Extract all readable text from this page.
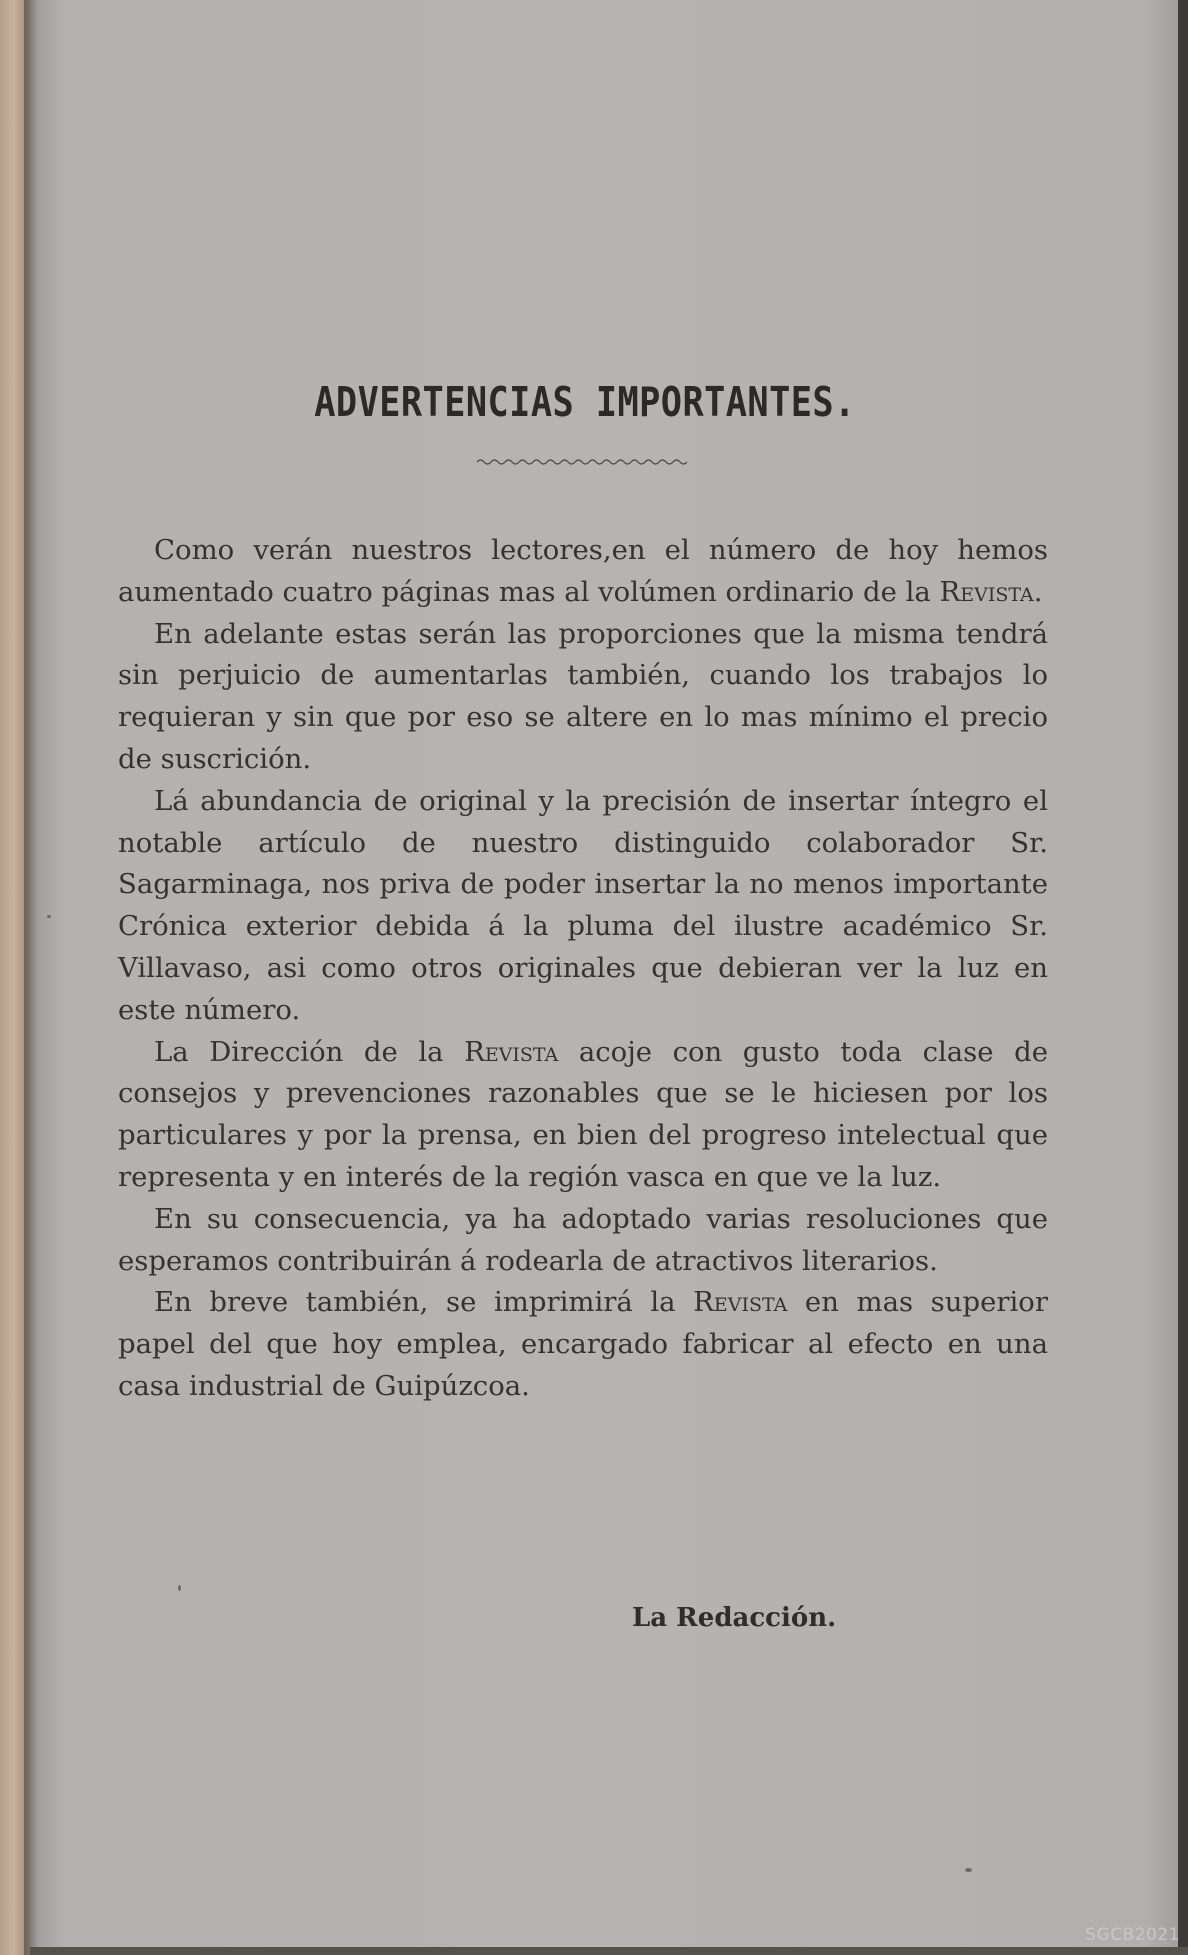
ADVERTENCIAS IMPORTANTES.

Como verán nuestros lectores,en el número de hoy hemos aumentado cuatro páginas mas al volúmen ordinario de la Revista.

En adelante estas serán las proporciones que la misma tendrá sin perjuicio de aumentarlas también, cuando los trabajos lo requieran y sin que por eso se altere en lo mas mínimo el precio de suscrición.

Lá abundancia de original y la precisión de insertar íntegro el notable artículo de nuestro distinguido colaborador Sr. Sagarminaga, nos priva de poder insertar la no menos importante Crónica exterior debida á la pluma del ilustre académico Sr. Villavaso, asi como otros originales que debieran ver la luz en este número.

La Dirección de la Revista acoje con gusto toda clase de consejos y prevenciones razonables que se le hiciesen por los particulares y por la prensa, en bien del progreso intelectual que representa y en interés de la región vasca en que ve la luz.

En su consecuencia, ya ha adoptado varias resoluciones que esperamos contribuirán á rodearla de atractivos literarios.

En breve también, se imprimirá la Revista en mas superior papel del que hoy emplea, encargado fabricar al efecto en una casa industrial de Guipúzcoa.

La Redacción.
SGCB2021
